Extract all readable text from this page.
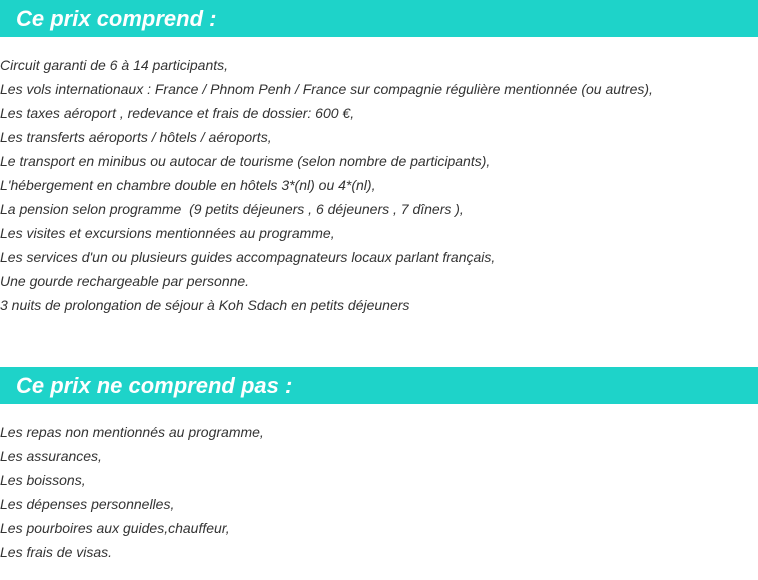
Ce prix comprend :
Circuit garanti de 6 à 14 participants,
Les vols internationaux : France / Phnom Penh / France sur compagnie régulière mentionnée (ou autres),
Les taxes aéroport , redevance et frais de dossier: 600 €,
Les transferts aéroports / hôtels / aéroports,
Le transport en minibus ou autocar de tourisme (selon nombre de participants),
L'hébergement en chambre double en hôtels 3*(nl) ou 4*(nl),
La pension selon programme  (9 petits déjeuners , 6 déjeuners , 7 dîners ),
Les visites et excursions mentionnées au programme,
Les services d'un ou plusieurs guides accompagnateurs locaux parlant français,
Une gourde rechargeable par personne.
3 nuits de prolongation de séjour à Koh Sdach en petits déjeuners
Ce prix ne comprend pas :
Les repas non mentionnés au programme,
Les assurances,
Les boissons,
Les dépenses personnelles,
Les pourboires aux guides,chauffeur,
Les frais de visas.
